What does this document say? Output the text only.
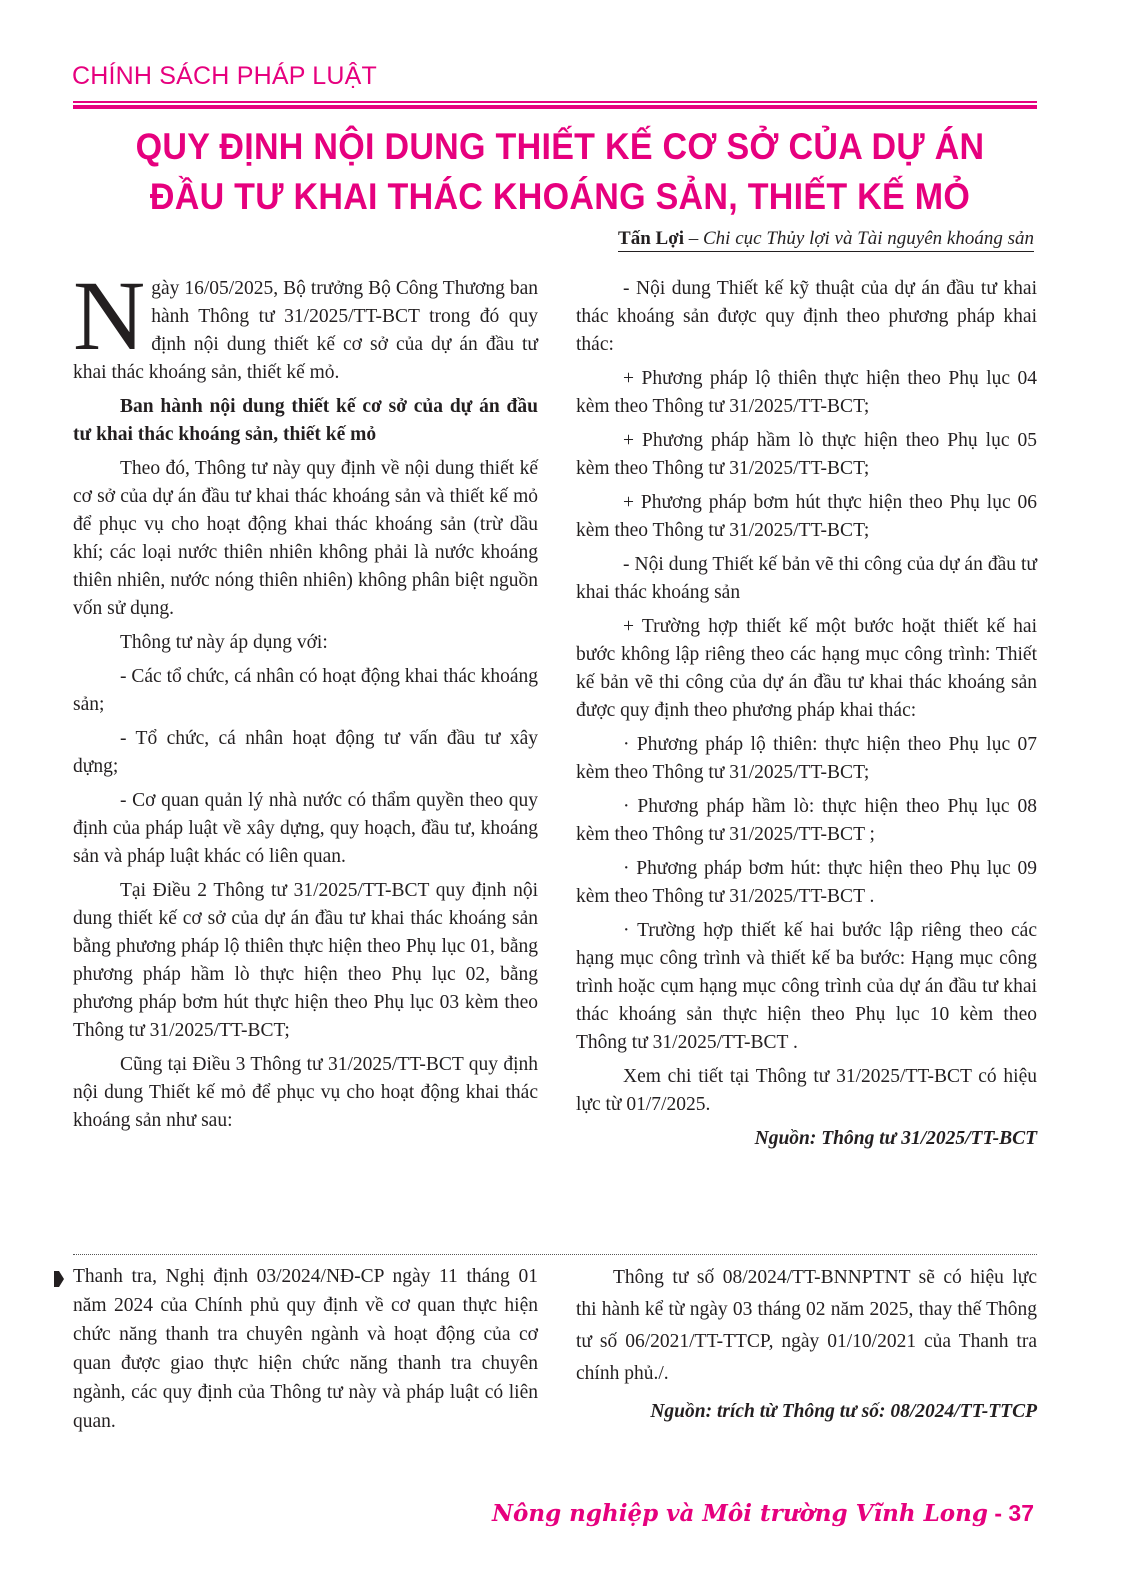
CHÍNH SÁCH PHÁP LUẬT
QUY ĐỊNH NỘI DUNG THIẾT KẾ CƠ SỞ CỦA DỰ ÁN
ĐẦU TƯ KHAI THÁC KHOÁNG SẢN, THIẾT KẾ MỎ
Tấn Lợi – Chi cục Thủy lợi và Tài nguyên khoáng sản

Ngày 16/05/2025, Bộ trưởng Bộ Công Thương ban hành Thông tư 31/2025/TT-BCT trong đó quy định nội dung thiết kế cơ sở của dự án đầu tư khai thác khoáng sản, thiết kế mỏ.

Ban hành nội dung thiết kế cơ sở của dự án đầu tư khai thác khoáng sản, thiết kế mỏ

Theo đó, Thông tư này quy định về nội dung thiết kế cơ sở của dự án đầu tư khai thác khoáng sản và thiết kế mỏ để phục vụ cho hoạt động khai thác khoáng sản (trừ dầu khí; các loại nước thiên nhiên không phải là nước khoáng thiên nhiên, nước nóng thiên nhiên) không phân biệt nguồn vốn sử dụng.

Thông tư này áp dụng với:

- Các tổ chức, cá nhân có hoạt động khai thác khoáng sản;

- Tổ chức, cá nhân hoạt động tư vấn đầu tư xây dựng;

- Cơ quan quản lý nhà nước có thẩm quyền theo quy định của pháp luật về xây dựng, quy hoạch, đầu tư, khoáng sản và pháp luật khác có liên quan.

Tại Điều 2 Thông tư 31/2025/TT-BCT quy định nội dung thiết kế cơ sở của dự án đầu tư khai thác khoáng sản bằng phương pháp lộ thiên thực hiện theo Phụ lục 01, bằng phương pháp hầm lò thực hiện theo Phụ lục 02, bằng phương pháp bơm hút thực hiện theo Phụ lục 03 kèm theo Thông tư 31/2025/TT-BCT;

Cũng tại Điều 3 Thông tư 31/2025/TT-BCT quy định nội dung Thiết kế mỏ để phục vụ cho hoạt động khai thác khoáng sản như sau:

- Nội dung Thiết kế kỹ thuật của dự án đầu tư khai thác khoáng sản được quy định theo phương pháp khai thác:

+ Phương pháp lộ thiên thực hiện theo Phụ lục 04 kèm theo Thông tư 31/2025/TT-BCT;

+ Phương pháp hầm lò thực hiện theo Phụ lục 05 kèm theo Thông tư 31/2025/TT-BCT;

+ Phương pháp bơm hút thực hiện theo Phụ lục 06 kèm theo Thông tư 31/2025/TT-BCT;

- Nội dung Thiết kế bản vẽ thi công của dự án đầu tư khai thác khoáng sản

+ Trường hợp thiết kế một bước hoặt thiết kế hai bước không lập riêng theo các hạng mục công trình: Thiết kế bản vẽ thi công của dự án đầu tư khai thác khoáng sản được quy định theo phương pháp khai thác:

· Phương pháp lộ thiên: thực hiện theo Phụ lục 07 kèm theo Thông tư 31/2025/TT-BCT;

· Phương pháp hầm lò: thực hiện theo Phụ lục 08 kèm theo Thông tư 31/2025/TT-BCT ;

· Phương pháp bơm hút: thực hiện theo Phụ lục 09 kèm theo Thông tư 31/2025/TT-BCT .

· Trường hợp thiết kế hai bước lập riêng theo các hạng mục công trình và thiết kế ba bước: Hạng mục công trình hoặc cụm hạng mục công trình của dự án đầu tư khai thác khoáng sản thực hiện theo Phụ lục 10 kèm theo Thông tư 31/2025/TT-BCT .

Xem chi tiết tại Thông tư 31/2025/TT-BCT có hiệu lực từ 01/7/2025.

Nguồn: Thông tư 31/2025/TT-BCT

Thanh tra, Nghị định 03/2024/NĐ-CP ngày 11 tháng 01 năm 2024 của Chính phủ quy định về cơ quan thực hiện chức năng thanh tra chuyên ngành và hoạt động của cơ quan được giao thực hiện chức năng thanh tra chuyên ngành, các quy định của Thông tư này và pháp luật có liên quan.

Thông tư số 08/2024/TT-BNNPTNT sẽ có hiệu lực thi hành kể từ ngày 03 tháng 02 năm 2025, thay thế Thông tư số 06/2021/TT-TTCP, ngày 01/10/2021 của Thanh tra chính phủ./.

Nguồn: trích từ Thông tư số: 08/2024/TT-TTCP

Nông nghiệp và Môi trường Vĩnh Long - 37
